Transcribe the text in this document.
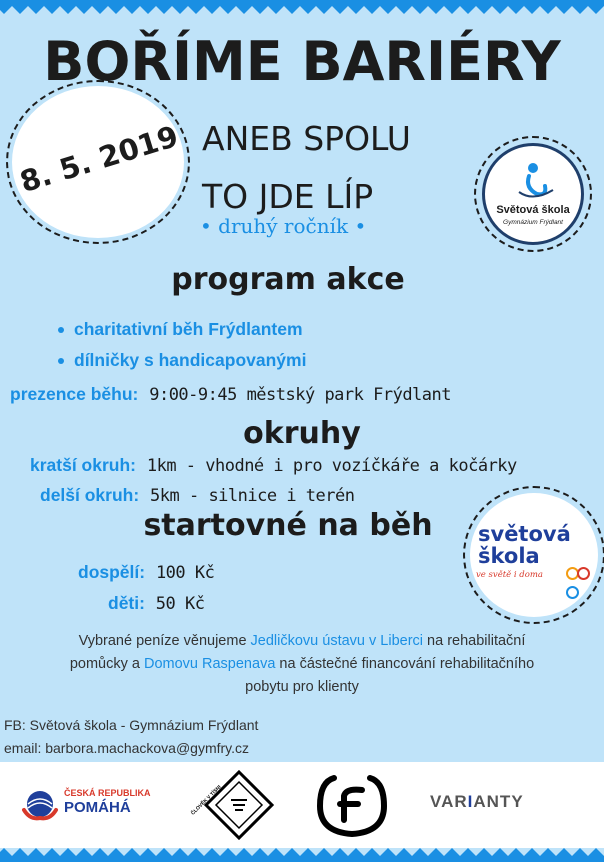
8. 5. 2019
BOŘÍME BARIÉRY
ANEB SPOLU
TO JDE LÍP
• druhý ročník •
Světová škola
Gymnázium Frýdlant
program akce
charitativní běh Frýdlantem
dílničky s handicapovanými
prezence běhu: 9:00-9:45 městský park Frýdlant
okruhy
kratší okruh: 1km - vhodné i pro vozíčkáře a kočárky
delší okruh: 5km - silnice i terén
startovné na běh
dospělí: 100 Kč
děti: 50 Kč
světová
škola
ve světě i doma
Vybrané peníze věnujeme Jedličkovu ústavu v Liberci na rehabilitační
pomůcky a Domovu Raspenava na částečné financování rehabilitačního
pobytu pro klienty
FB: Světová škola - Gymnázium Frýdlant
email: barbora.machackova@gymfry.cz
ČESKÁ REPUBLIKA
POMÁHÁ	ČLOVĚK V TÍSNI	VARIANTY
